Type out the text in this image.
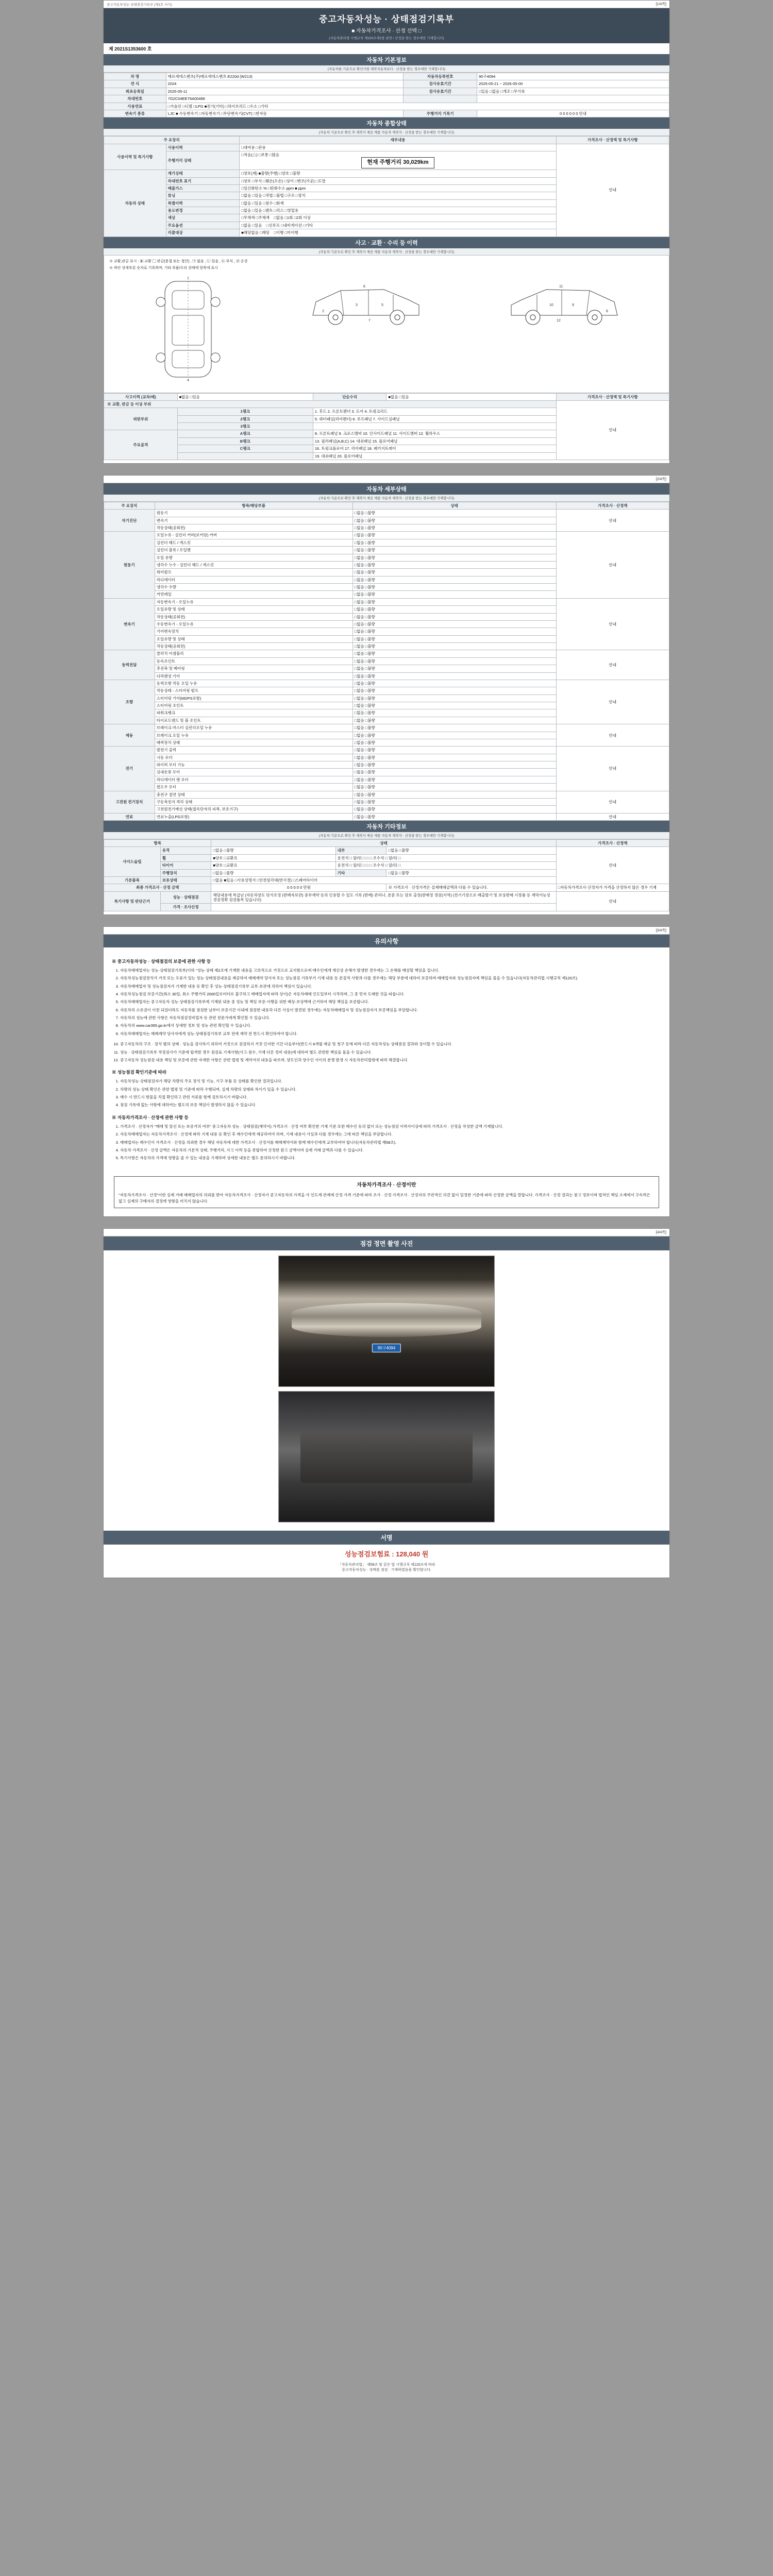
중고자동차성능·상태점검기록부 (제1호 서식)	[1/4쪽]
중고자동차성능 · 상태점검기록부
■ 자동차가격조사 · 산정 선택 □
(자동차관리법 시행규칙 제120조제1항 관련 / 산정을 받는 경우에만 기재합니다)
제 2021S1353600 호
자동차 기본정보
(자동차를 기준으로 확인사항 제작자동차보다 · 산정을 받는 경우에만 기재합니다)
차 명	메르세데스벤츠(주)메르세데스벤츠 E220d (W213)	자동차등록번호	90구4094
연 식	2024	검사유효기간	2025-05-21 ~ 2026-05-00
최초등록일	2025-05-11	검사유효기간	□있음 □없음 □개조 □무기록
차대번호	7G2C04EE79A00489		
사용연료	□가솔린 □디젤 □LPG ■전기(기타) □하이브리드 □수소 □기타		
변속기 종류	LJC ■ 수동변속기 □자동변속기 □무단변속기(CVT) □반자동	주행거리 기록기	0 0 0 0 0 0 안내
자동차 종합상태
(자동차 기준으로 확인 후 제작사 제공 제품 자동차 제작자 · 산정을 받는 경우에만 기재합니다)
주 요장치		세부내용	가격조사 · 산정액 및 특기사항
사용이력 및 특기사항	사용이력	□대여용 □관용	안내
	주행거리 상태	□적음(△) □보통 □많음
현재 주행거리 30,029km	

자동차 상태	계기상태	□양호(계) ■불량(주행) □양호 □불량	
	차대번호 표기	□양호 □부식 □훼손(오손) □상이 □변조(가공) □도말	
	배출가스	□일산화탄소 % □탄화수소 ppm ■ ppm	
	튜닝	□없음 □있음 □적법 □불법 □구조 □장치	
	특별이력	□없음 □있음 □침수 □화재	
	용도변경	□없음 □있음 □렌트 □리스 □영업용	
	색상	□무채색 □주채색 □없음 □1회 □2회 이상	
	주요옵션	□없음 □있음 □선루프 □내비게이션 □기타	
	리콜대상	■해당없음 □해당 □이행 □미이행	
사고 · 교환 · 수리 등 이력
(자동차 기준으로 확인 후 제작사 제공 제품 자동차 제작자 · 산정을 받는 경우에만 기재합니다)
※ 교환,판금 표시 : ▣ 교환 ▢ 판금(용접 또는 절단) , ㉠ 없음 , ㉡ 있음 , ㉢ 부식 , ㉣ 손상
※ 하단 상세부분 숫자로 기록하며, 기타 부품/수리 상태에 항목에 표시
1
4
2
3	5
6
7
8
9
10
11
12
사고이력 (교차/레)	■없음 □있음	단순수리	■없음 □있음	가격조사 · 산정액 및 특기사항
※ 교환, 판금 등 이상 부위				안내
외판부위	1랭크	1. 후드 2. 프론트펜더 3. 도어 4. 트렁크리드		
	2랭크	5. 쿼터패널(리어펜더) 6. 루프패널 7. 사이드실패널		
	3랭크			
주요골격	A랭크	8. 프론트패널 9. 크로스멤버 10. 인사이드패널 11. 사이드멤버 12. 휠하우스		
	B랭크	13. 필러패널(A,B,C) 14. 대쉬패널 15. 플로어패널		
	C랭크	16. 트렁크플로어 17. 리어패널 18. 패키지트레이		
		19. 대쉬패널 20. 플로어패널		

[2/4쪽]
자동차 세부상태
(자동차 기준으로 확인 후 제작사 제공 제품 자동차 제작자 · 산정을 받는 경우에만 기재합니다)
주 요장치	항목/해당부품	상태	가격조사 · 산정액
자기진단	원동기	□없음 □불량	안내
	변속기	□없음 □불량	
	작동상태(공회전)	□없음 □불량	
원동기	오일누유 - 실린더 커버(로커암) 커버	□없음 □불량	안내
	실린더 헤드 / 게스킷	□없음 □불량	
	실린더 블록 / 오일팬	□없음 □불량	
	오일 유량	□없음 □불량	
	냉각수 누수 - 실린더 헤드 / 게스킷	□없음 □불량	
	워터펌프	□없음 □불량	
	라디에이터	□없음 □불량	
	냉각수 수량	□없음 □불량	
	커먼레일	□없음 □불량	
변속기	자동변속기 - 오일누유	□없음 □불량	안내
	오일유량 및 상태	□없음 □불량	
	작동상태(공회전)	□없음 □불량	
	수동변속기 - 오일누유	□없음 □불량	
	기어변속장치	□없음 □불량	
	오일유량 및 상태	□없음 □불량	
	작동상태(공회전)	□없음 □불량	
동력전달	클러치 어셈블리	□없음 □불량	안내
	등속조인트	□없음 □불량	
	추진축 및 베어링	□없음 □불량	
	디퍼렌셜 기어	□없음 □불량	
조향	동력조향 작동 오일 누유	□없음 □불량	안내
	작동상태 - 스티어링 펌프	□없음 □불량	
	스티어링 기어(MDPS포함)	□없음 □불량	
	스티어링 조인트	□없음 □불량	
	파워크랭크	□없음 □불량	
	타이로드엔드 및 볼 조인트	□없음 □불량	
제동	브레이크 마스터 실린더오일 누유	□없음 □불량	안내
	브레이크 오일 누유	□없음 □불량	
	배력장치 상태	□없음 □불량	
전기	발전기 출력	□없음 □불량	안내
	시동 모터	□없음 □불량	
	와이퍼 모터 기능	□없음 □불량	
	실내송풍 모터	□없음 □불량	
	라디에이터 팬 모터	□없음 □불량	
	윈도우 모터	□없음 □불량	
고전원 전기장치	충전구 절연 상태	□없음 □불량	안내
	구동축전지 격리 상태	□없음 □불량	
	고전원전기배선 상태(접속단자의 피복, 보호기구)	□없음 □불량	
연료	연료누출(LPG포함)	□없음 □불량	안내
자동차 기타정보
(자동차 기준으로 확인 후 제작사 제공 제품 자동차 제작자 · 산정을 받는 경우에만 기재합니다)
항목		상태			가격조사 · 산정액
사이드슬립	유격	□없음 □불량	내부	□없음 □불량	안내
	휠	■양호 □교환요	운전석 □ 앞/뒤 □ □ □ 조수석 □ 앞/뒤 □		
	타이어	■양호 □교환요	운전석 □ 앞/뒤 □ □ □ 조수석 □ 앞/뒤 □		
	주행장치	□없음 □불량	기타	□없음 □불량	
기본품목	보유상태	□없음 ■있음 □사용설명서 □안전삼각대(반사경) □스페어타이어			
최종 가격조사 · 산정 금액		0 0 0 0 0 만원		※ 가격조사 · 산정가격은 실제매매금액과 다를 수 있습니다.	□자동차가격조사·산정자가 가격을 산정하지 않은 경우 기재
특기사항 및 판단근거	성능 · 상태점검	해당내용에 특급난 (자동차양도 단가조정 (판매자보관) 중부계약 등의 인용할 수 있도 기록 (판매) 관리나, 본문 또는 담보 출장(판매정 경검(지역) (전기기장으로 배출발기 및 보상판매 시장품 등 계약가능성 경검정확 검검품목 있습니다)			안내
	가격 · 조사산정				

[3/4쪽]
유의사항
※ 중고자동차성능 · 상태점검의 보증에 관한 사항 등
1. 자동차매매업자는 성능·상태점검기록부(이하 "성능·상태 제2조에 기재한 내용을 고의적으로 거짓으로 교지함으로써 매수인에게 재산상 손해가 발생한 경우에는 그 손해를 배상할 책임을 집니다.
2. 자동차성능점검장치가 거짓 또는 오류가 있는 성능·상태점검내용을 제공하여 매매계약 당사자 또는 성능점검 기록부가 기재 내용 등 본질적 사항과 다를 경우에는 해당 부분에 대하여 보증하며 매매업자와 성능점검자에 책임을 물을 수 있습니다(자동차관리법 시행규칙 제120조).
3. 자동차매매업자 및 성능점검자가 기재한 내용 등 확인 후 성능·상태점검기록부 교부·보관에 의하여 책임이 있습니다.
4. 자동차성능점검 보증기간(최소 30일, 최소 주행거리 2000킬로미터로 불구하고 매매업자에 따라 상이)은 자동차매매 인도일부터 시작하며, 그 중 먼저 도래한 것을 따릅니다.
5. 자동차매매업자는 중고자동차 성능·상태점검기록부에 기재된 내용 중 성능 및 책임 보증·이행을 위한 배상·보상액에 근거하여 해당 책임을 보증합니다.
6. 자동차의 소유권이 이전 되었더라도 자동차를 점검한 날부터 보증기간 이내에 점검한 내용과 다른 사실이 발견된 경우에는 자동차매매업자 및 성능점검자가 보증책임을 부담합니다.
7. 자동차의 성능에 관한 사항은 자동차점검정비업자 등 관련 전문가에게 확인할 수 있습니다.
8. 자동차의 www.car365.go.kr에서 상세한 정보 및 성능 관련 확인할 수 있습니다.
9. 자동차매매업자는 매매계약 당사자에게 성능·상태점검기록부 교부 전에 계약 전 반드시 확인하여야 합니다.
10. 중고자동차의 구조 · 장치 별의 상태 · 성능을 검사하기 위하여 거짓으로 검검하지 거짓 인지한 기간 다음부터(반드시 6개월 제공 및 청구 등에 따라 다른 자동차성능 상태점검 결과와 상이할 수 있습니다.
11. 성능 · 상태점검기록부 적정검사가 기준에 합격한 경우 점검표 기재사항(사고·침수, 기재 다른 정비 내용)에 대하여 별도 관련한 책임을 물을 수 있습니다.
12. 중고자동차 성능점검 내용 책임 및 보증에 관한 자세한 사항은 관련 법령 및 계약서의 내용을 따르며, 양도인과 양수인 사이의 분쟁 발생 시 자동차관리법령에 따라 해결합니다.
※ 성능점검 확인기준에 따라
1. 자동차성능·상태점검자가 해당 차량의 주요 장치 및 기능, 기구·부품 등 상태를 확인한 결과입니다.
2. 차량의 성능·상태 확인은 관련 법령 및 기준에 따라 수행되며, 실제 차량의 상태와 차이가 있을 수 있습니다.
3. 매수 시 반드시 현물을 직접 확인하고 관련 서류를 함께 검토하시기 바랍니다.
4. 점검 기록에 없는 사항에 대하여는 별도의 보증 책임이 발생하지 않을 수 있습니다.
※ 자동차가격조사 · 산정에 관한 사항 등
1. 가격조사 · 산정자가 "매매 및 알선 또는 보증거의 여부" 중고자동차 성능 · 상태점검(계약서) 가격조사 · 산정 여부 확인한 기재 기준 또한 매수인 동의 없이 또는 성능점검 이력사이상에 따라 가격조사 · 산정을 작성한 금액 기재합니다.
2. 자동차매매업자는 자동차가격조사 · 산정에 따라 기재 내용 등 확인 후 매수인에게 제공하여야 하며, 기재 내용이 사실과 다를 경우에는 그에 따른 책임을 부담합니다.
3. 매매업자는 매수인이 가격조사 · 산정을 의뢰한 경우 해당 자동차에 대한 가격조사 · 산정서를 매매계약서와 함께 매수인에게 교부하여야 합니다(자동차관리법 제58조).
4. 자동차 가격조사 · 산정 금액은 자동차의 기본적 상태, 주행거리, 사고 이력 등을 종합하여 산정한 참고 금액이며 실제 거래 금액과 다를 수 있습니다.
5. 특기사항은 자동차의 가격에 영향을 줄 수 있는 내용을 기재하며 상세한 내용은 별도 문의하시기 바랍니다.
자동차가격조사 · 산정이란
"자동차가격조사 · 산정"이란 실제 거래 매매업자의 의뢰를 받아 자동차가격조사 · 산정자가 중고자동차의 가격을 사 인도계 관계에 산정 가격 기준에 따라 조사 · 산정 가격조사 · 산정자의 주관적인 의견 없이 일정한 기준에 따라 산정한 금액을 말합니다. 가격조사 · 산정 결과는 참고 정보이며 법적인 책임 소재에서 구속력은 없고 실제의 구매자의 결정에 영향을 미치지 않습니다.

[4/4쪽]
점검 정면 촬영 사진
90구4094
서명
성능점검보험료 : 128,040 원
「자동차관리법」 제58조 및 같은 법 시행규칙 제120조에 따라
중고자동차성능 · 상태를 점검 · 기재하였음을 확인합니다.
